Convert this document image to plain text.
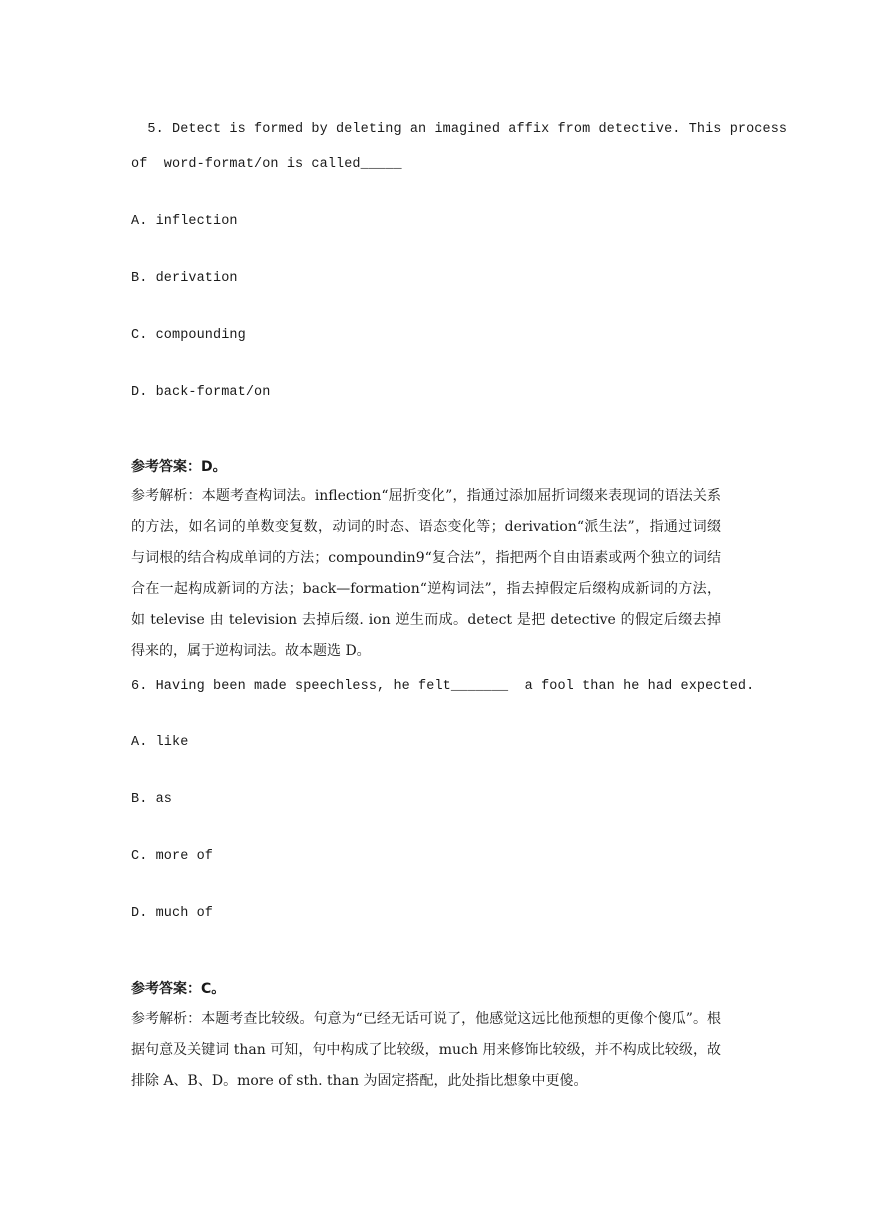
5. Detect is formed by deleting an imagined affix from detective. This process
of  word-format/on is called_____
A. inflection
B. derivation
C. compounding
D. back-format/on
参考答案：D。
参考解析：本题考查构词法。inflection“屈折变化”，指通过添加屈折词缀来表现词的语法关系的方法，如名词的单数变复数，动词的时态、语态变化等；derivation“派生法”，指通过词缀与词根的结合构成单词的方法；compoundin9“复合法”，指把两个自由语素或两个独立的词结合在一起构成新词的方法；back—formation“逆构词法”，指去掉假定后缀构成新词的方法，如 televise 由 television 去掉后缀. ion 逆生而成。detect 是把 detective 的假定后缀去掉得来的，属于逆构词法。故本题选 D。
6. Having been made speechless, he felt_______  a fool than he had expected.
A. like
B. as
C. more of
D. much of
参考答案：C。
参考解析：本题考查比较级。句意为“已经无话可说了，他感觉这远比他预想的更像个傻瓜”。根据句意及关键词 than 可知，句中构成了比较级，much 用来修饰比较级，并不构成比较级，故排除 A、B、D。more of sth. than 为固定搭配，此处指比想象中更傻。
